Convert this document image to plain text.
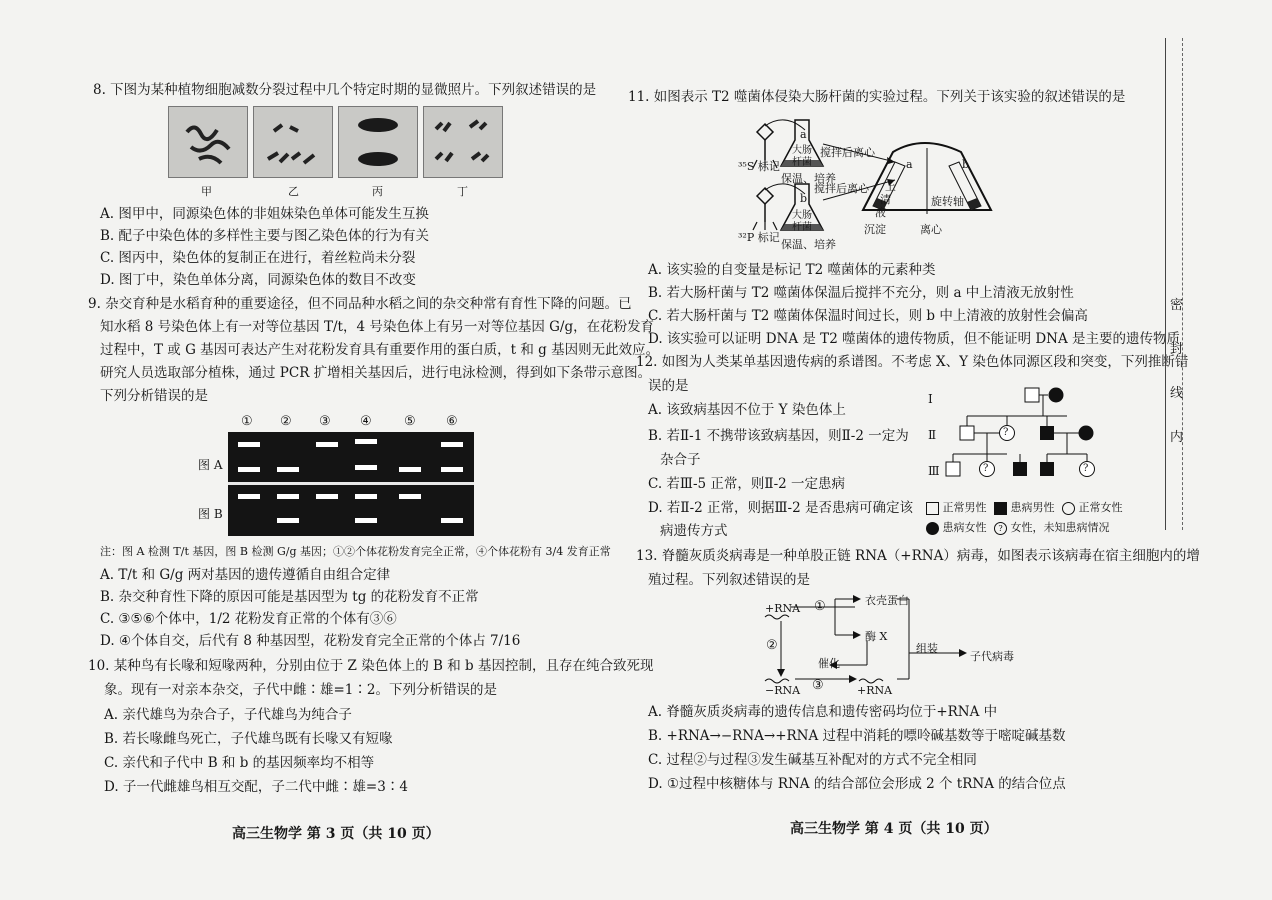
8. 下图为某种植物细胞减数分裂过程中几个特定时期的显微照片。下列叙述错误的是
甲	乙	丙	丁
A. 图甲中，同源染色体的非姐妹染色单体可能发生互换
B. 配子中染色体的多样性主要与图乙染色体的行为有关
C. 图丙中，染色体的复制正在进行，着丝粒尚未分裂
D. 图丁中，染色单体分离，同源染色体的数目不改变
9. 杂交育种是水稻育种的重要途径，但不同品种水稻之间的杂交种常有育性下降的问题。已
知水稻 8 号染色体上有一对等位基因 T/t，4 号染色体上有另一对等位基因 G/g，在花粉发育
过程中，T 或 G 基因可表达产生对花粉发育具有重要作用的蛋白质，t 和 g 基因则无此效应。
研究人员选取部分植株，通过 PCR 扩增相关基因后，进行电泳检测，得到如下条带示意图。
下列分析错误的是
① ② ③ ④ ⑤ ⑥
图 A
图 B
注：图 A 检测 T/t 基因，图 B 检测 G/g 基因；①②个体花粉发育完全正常，④个体花粉有 3/4 发育正常
A. T/t 和 G/g 两对基因的遗传遵循自由组合定律
B. 杂交种育性下降的原因可能是基因型为 tg 的花粉发育不正常
C. ③⑤⑥个体中，1/2 花粉发育正常的个体有③⑥
D. ④个体自交，后代有 8 种基因型，花粉发育完全正常的个体占 7/16
10. 某种鸟有长喙和短喙两种，分别由位于 Z 染色体上的 B 和 b 基因控制，且存在纯合致死现
象。现有一对亲本杂交，子代中雌∶雄=1∶2。下列分析错误的是
A. 亲代雄鸟为杂合子，子代雄鸟为纯合子
B. 若长喙雌鸟死亡，子代雄鸟既有长喙又有短喙
C. 亲代和子代中 B 和 b 的基因频率均不相等
D. 子一代雌雄鸟相互交配，子二代中雌∶雄=3∶4
高三生物学 第 3 页（共 10 页）
11. 如图表示 T2 噬菌体侵染大肠杆菌的实验过程。下列关于该实验的叙述错误的是
³⁵S 标记
³²P 标记
a
b
大肠
杆菌
大肠
杆菌
保温、培养
保温、培养
搅拌后离心
搅拌后离心 上
清
液
a	b
旋转轴
沉淀	离心
A. 该实验的自变量是标记 T2 噬菌体的元素种类
B. 若大肠杆菌与 T2 噬菌体保温后搅拌不充分，则 a 中上清液无放射性
C. 若大肠杆菌与 T2 噬菌体保温时间过长，则 b 中上清液的放射性会偏高
D. 该实验可以证明 DNA 是 T2 噬菌体的遗传物质，但不能证明 DNA 是主要的遗传物质
12. 如图为人类某单基因遗传病的系谱图。不考虑 X、Y 染色体同源区段和突变，下列推断错
误的是
A. 该致病基因不位于 Y 染色体上
B. 若Ⅱ-1 不携带该致病基因，则Ⅱ-2 一定为
杂合子
C. 若Ⅲ-5 正常，则Ⅱ-2 一定患病
D. 若Ⅱ-2 正常，则据Ⅲ-2 是否患病可确定该
病遗传方式
Ⅰ
Ⅱ
Ⅲ
?
?	?
正常男性 患病男性 正常女性
患病女性 ? 女性，未知患病情况
13. 脊髓灰质炎病毒是一种单股正链 RNA（+RNA）病毒，如图表示该病毒在宿主细胞内的增
殖过程。下列叙述错误的是
+RNA ①	衣壳蛋白
酶 X
②
催化
组装
子代病毒
−RNA ③	+RNA
A. 脊髓灰质炎病毒的遗传信息和遗传密码均位于+RNA 中
B. +RNA→−RNA→+RNA 过程中消耗的嘌呤碱基数等于嘧啶碱基数
C. 过程②与过程③发生碱基互补配对的方式不完全相同
D. ①过程中核糖体与 RNA 的结合部位会形成 2 个 tRNA 的结合位点
高三生物学 第 4 页（共 10 页）
密
封
线
内
